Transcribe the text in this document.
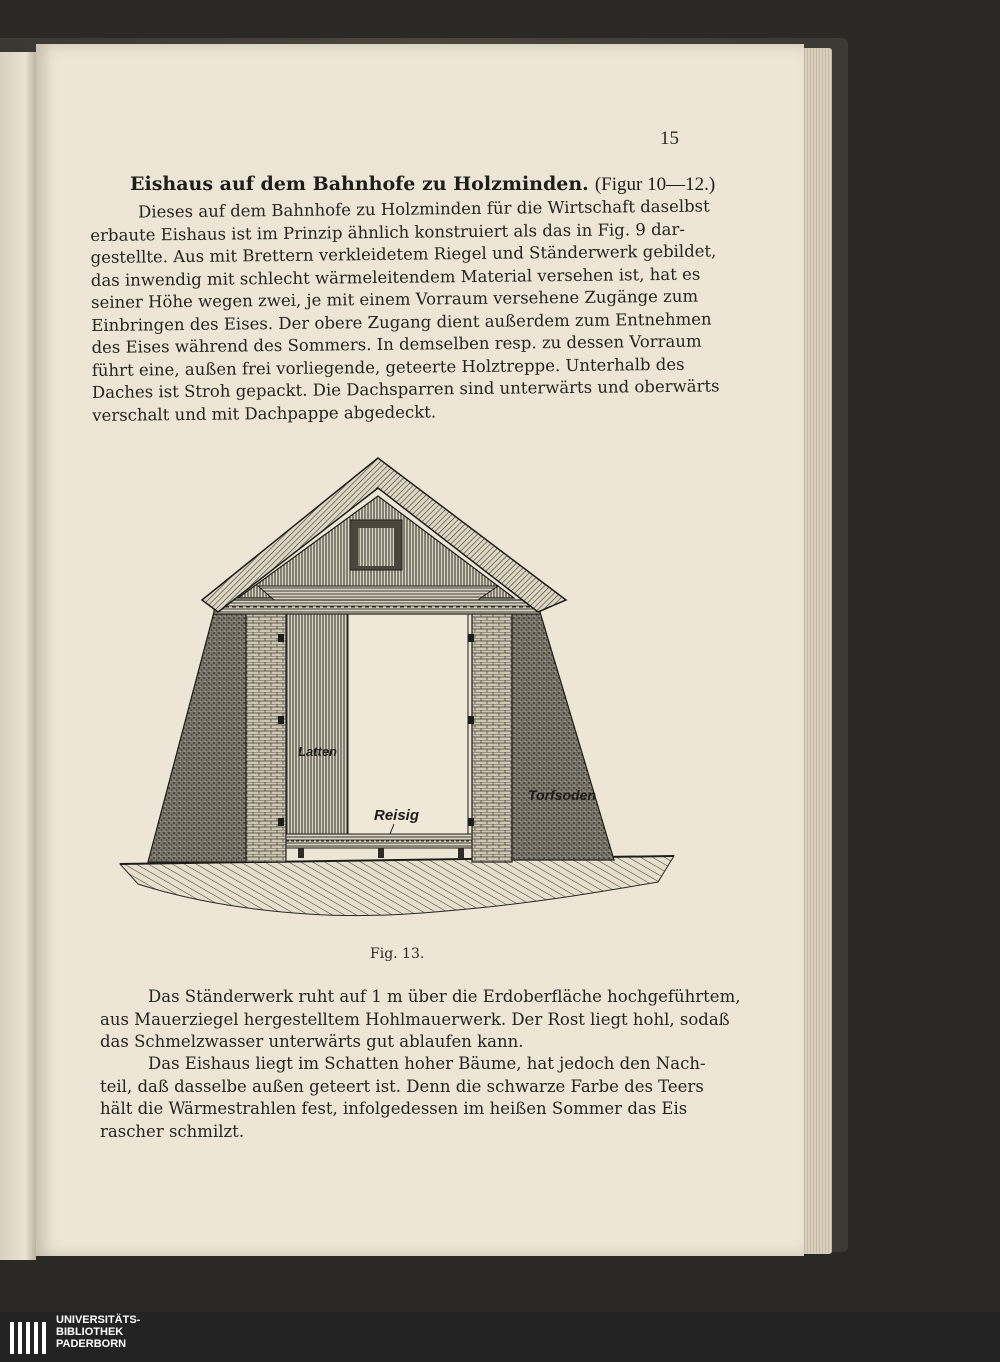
15
Eishaus auf dem Bahnhofe zu Holzminden. (Figur 10—12.)
Dieses auf dem Bahnhofe zu Holzminden für die Wirtschaft daselbst
erbaute Eishaus ist im Prinzip ähnlich konstruiert als das in Fig. 9 dar-
gestellte. Aus mit Brettern verkleidetem Riegel und Ständerwerk gebildet,
das inwendig mit schlecht wärmeleitendem Material versehen ist, hat es
seiner Höhe wegen zwei, je mit einem Vorraum versehene Zugänge zum
Einbringen des Eises. Der obere Zugang dient außerdem zum Entnehmen
des Eises während des Sommers. In demselben resp. zu dessen Vorraum
führt eine, außen frei vorliegende, geteerte Holztreppe. Unterhalb des
Daches ist Stroh gepackt. Die Dachsparren sind unterwärts und oberwärts
verschalt und mit Dachpappe abgedeckt.
Latten
Reisig
Torfsoden
Fig. 13.
Das Ständerwerk ruht auf 1 m über die Erdoberfläche hochgeführtem,
aus Mauerziegel hergestelltem Hohlmauerwerk. Der Rost liegt hohl, sodaß
das Schmelzwasser unterwärts gut ablaufen kann.
Das Eishaus liegt im Schatten hoher Bäume, hat jedoch den Nach-
teil, daß dasselbe außen geteert ist. Denn die schwarze Farbe des Teers
hält die Wärmestrahlen fest, infolgedessen im heißen Sommer das Eis
rascher schmilzt.
UNIVERSITÄTS-
BIBLIOTHEK
PADERBORN
